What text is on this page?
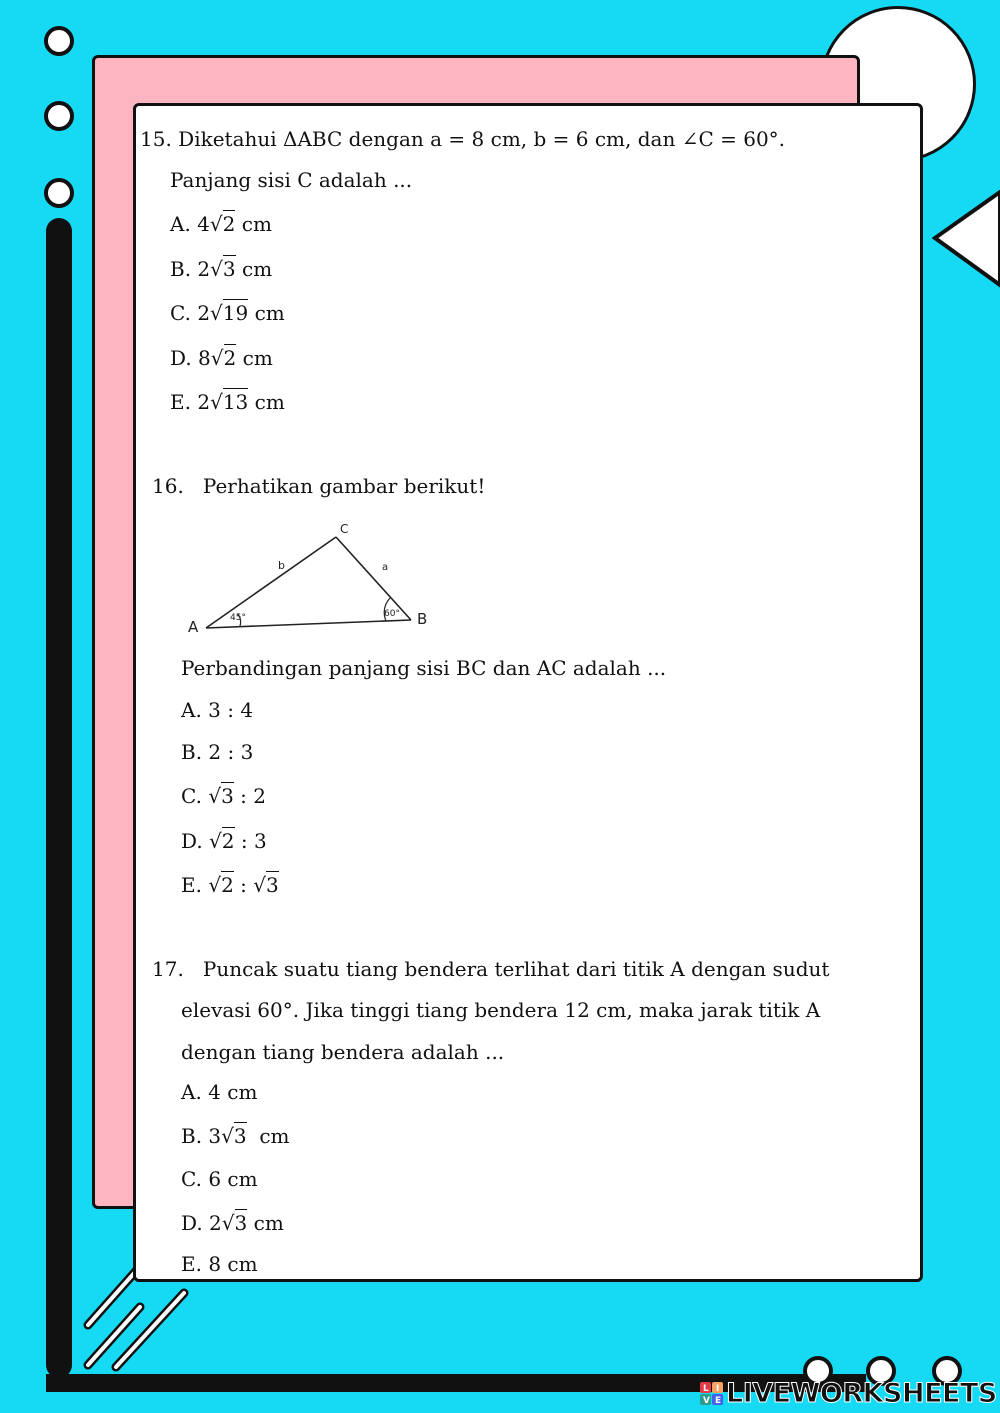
15. Diketahui ΔABC dengan a = 8 cm, b = 6 cm, dan ∠C = 60°.
Panjang sisi C adalah ...
A. 4√2 cm
B. 2√3 cm
C. 2√19 cm
D. 8√2 cm
E. 2√13 cm
16. Perhatikan gambar berikut!
A	B
C
b	a
45°	60°
Perbandingan panjang sisi BC dan AC adalah ...
A. 3 : 4
B. 2 : 3
C. √3 : 2
D. √2 : 3
E. √2 : √3
17. Puncak suatu tiang bendera terlihat dari titik A dengan sudut
elevasi 60°. Jika tinggi tiang bendera 12 cm, maka jarak titik A
dengan tiang bendera adalah ...
A. 4 cm
B. 3√3  cm
C. 6 cm
D. 2√3 cm
E. 8 cm
L I
V E LIVEWORKSHEETS
